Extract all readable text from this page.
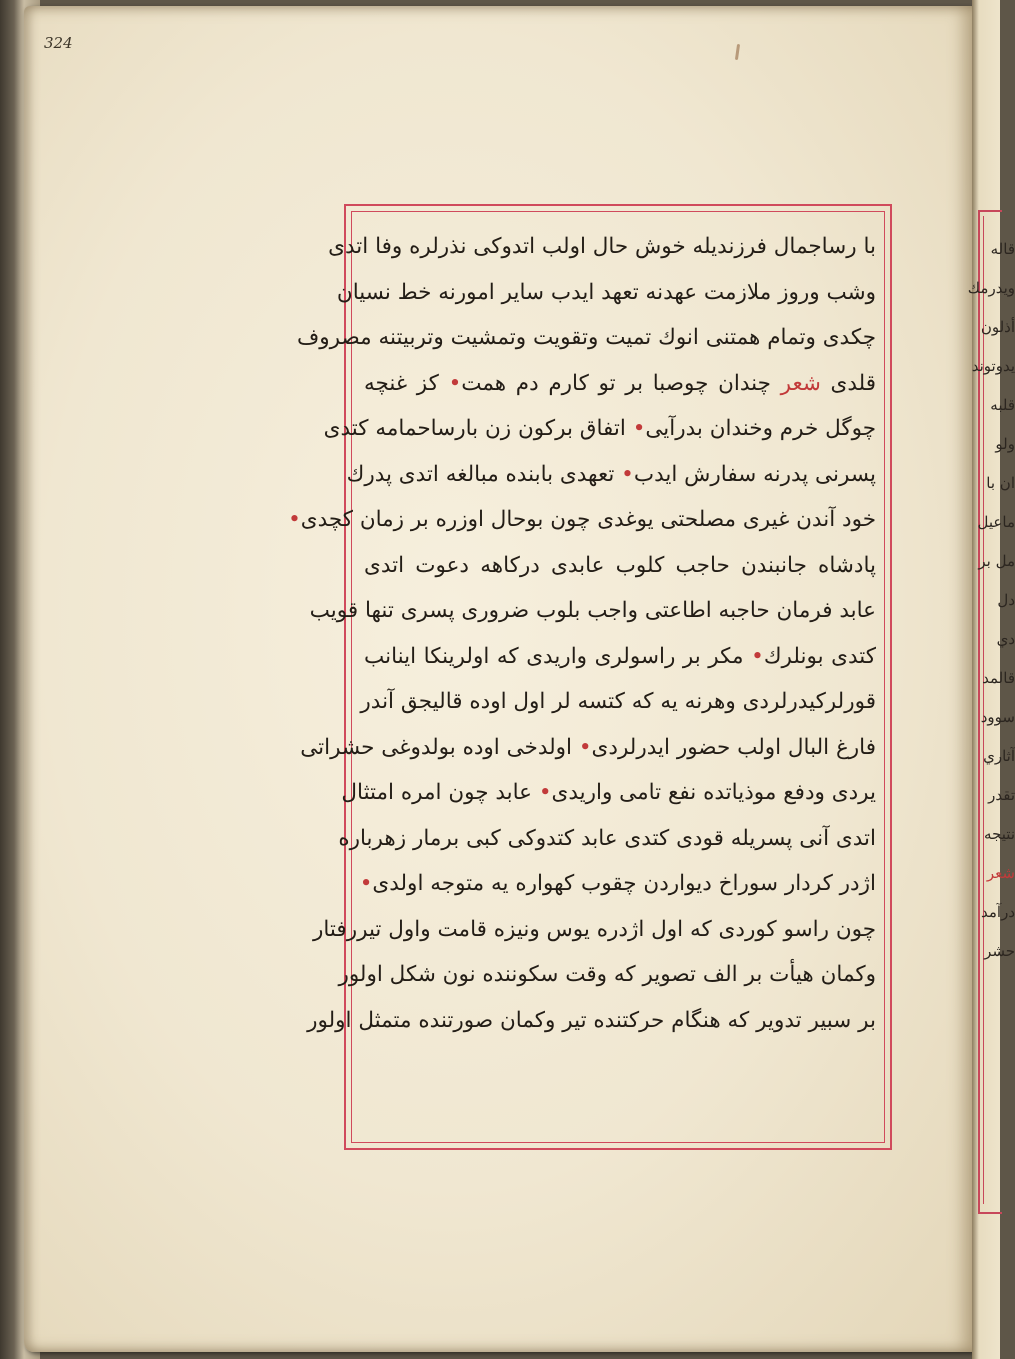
324
با رساجمال فرزندیله خوش حال اولب اتدوکی نذرلره وفا اتدی
وشب وروز ملازمت عهدنه تعهد ایدب سایر امورنه خط نسیان
چکدی وتمام همتنی انوك تمیت وتقویت وتمشیت وتربیتنه مصروف
قلدی شعر چندان چوصبا بر تو کارم دم همت• کز غنچه
چوگل خرم وخندان بدرآیی• اتفاق برکون زن بارساحمامه کتدی
پسرنی پدرنه سفارش ایدب• تعهدی بابنده مبالغه اتدی پدرك
خود آندن غیری مصلحتی یوغدی چون بوحال اوزره بر زمان کچدی•
پادشاه جانبندن حاجب کلوب عابدی درکاهه دعوت اتدی
عابد فرمان حاجبه اطاعتی واجب بلوب ضروری پسری تنها قویب
کتدی بونلرك• مکر بر راسولری واریدی که اولرینکا اینانب
قورلرکیدرلردی وهرنه یه که کتسه لر اول اوده قالیجق آندر
فارغ البال اولب حضور ایدرلردی• اولدخی اوده بولدوغی حشراتی
یردی ودفع موذیاتده نفع تامی واریدی• عابد چون امره امتثال
اتدی آنی پسریله قودی کتدی عابد کتدوکی کبی برمار زهرباره
اژدر کردار سوراخ دیواردن چقوب کهواره یه متوجه اولدی•
چون راسو کوردی که اول اژدره یوس ونیزه قامت واول تیررفتار
وکمان هیأت بر الف تصویر که وقت سکوننده نون شکل اولور
بر سبیر تدویر که هنگام حرکتنده تیر وکمان صورتنده متمثل اولور
قاله
ويدرمك
أذلون
يدوتوند
قلبه
ولو
ان با
ماعيل
مل بر
دل
دي
قالمد
سوود
آثاري
تقدر
نتيجه
شعر
درآمد
حشر
